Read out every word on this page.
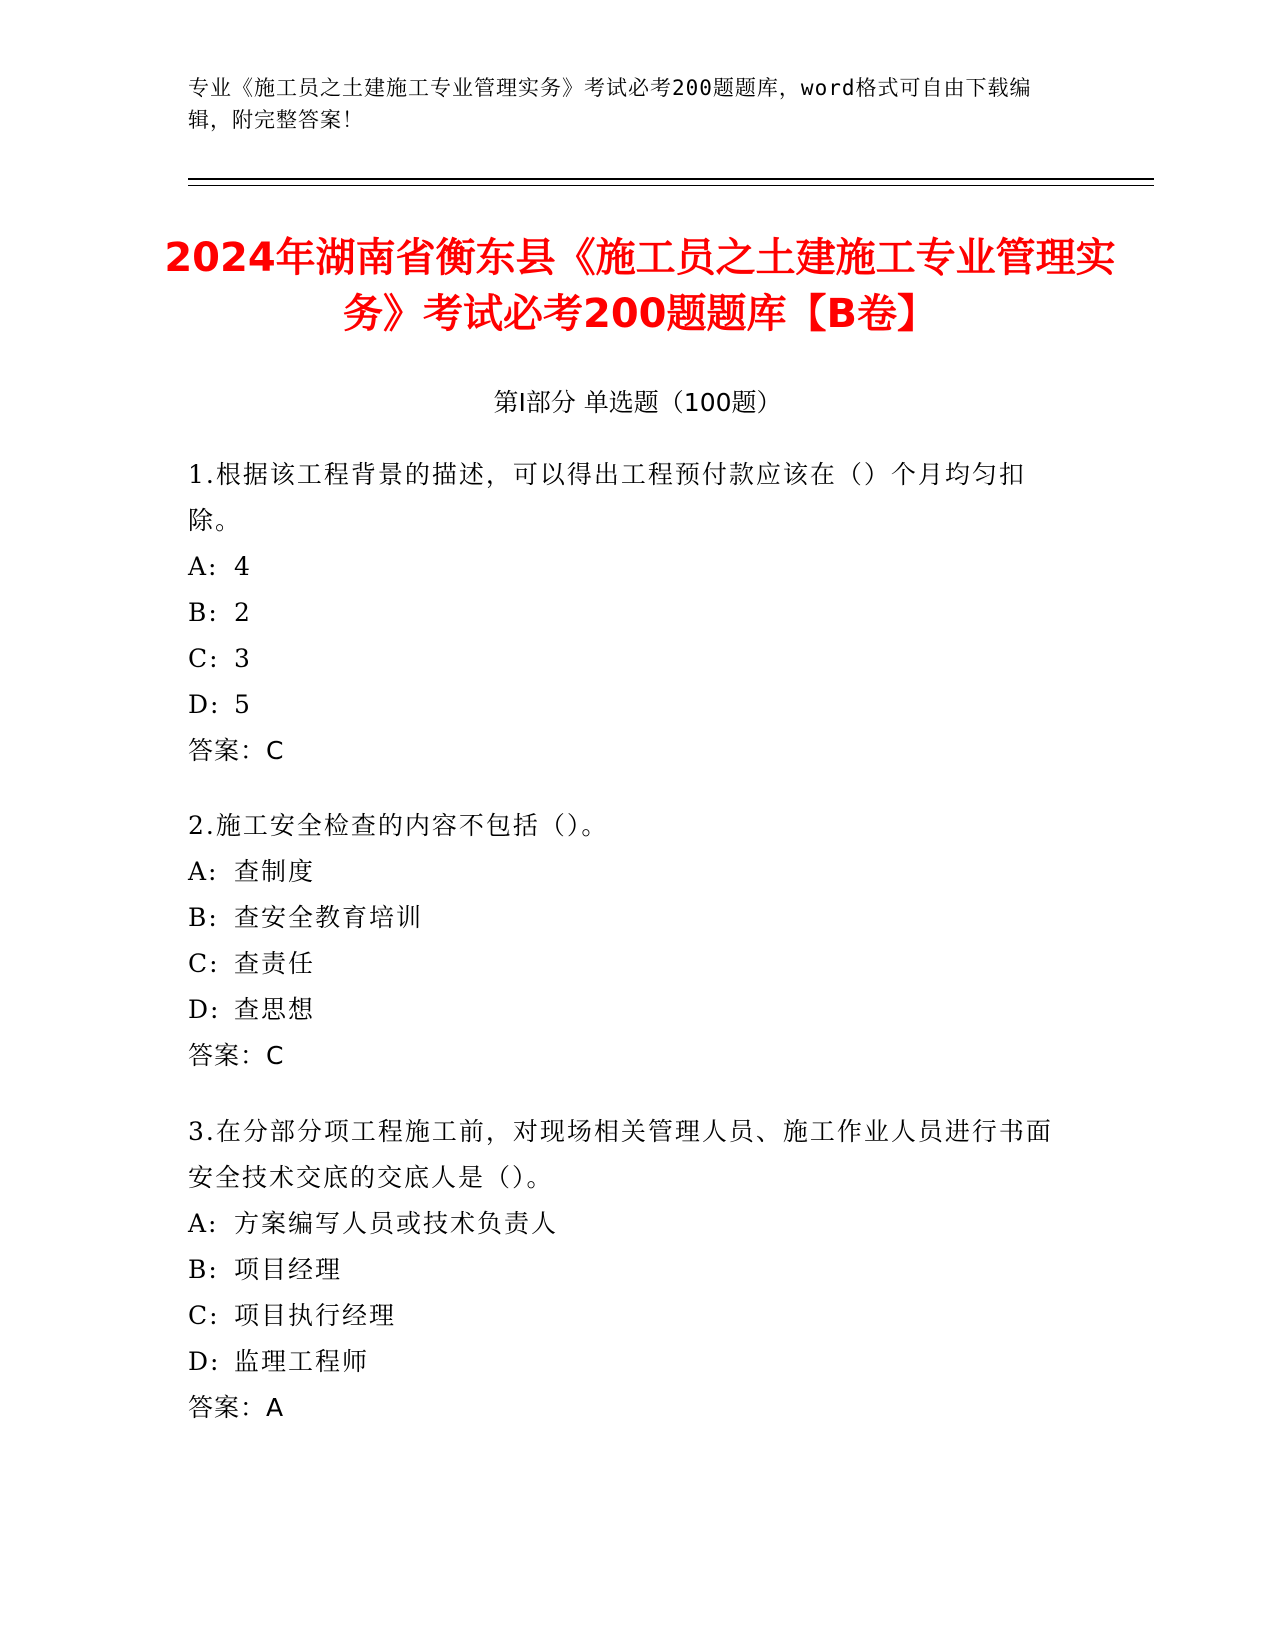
专业《施工员之土建施工专业管理实务》考试必考200题题库，word格式可自由下载编辑，附完整答案！
2024年湖南省衡东县《施工员之土建施工专业管理实务》考试必考200题题库【B卷】
第I部分 单选题（100题）
1.根据该工程背景的描述，可以得出工程预付款应该在（）个月均匀扣除。
A: 4
B: 2
C: 3
D: 5
答案：C
2.施工安全检查的内容不包括（）。
A: 查制度
B: 查安全教育培训
C: 查责任
D: 查思想
答案：C
3.在分部分项工程施工前，对现场相关管理人员、施工作业人员进行书面安全技术交底的交底人是（）。
A: 方案编写人员或技术负责人
B: 项目经理
C: 项目执行经理
D: 监理工程师
答案：A
